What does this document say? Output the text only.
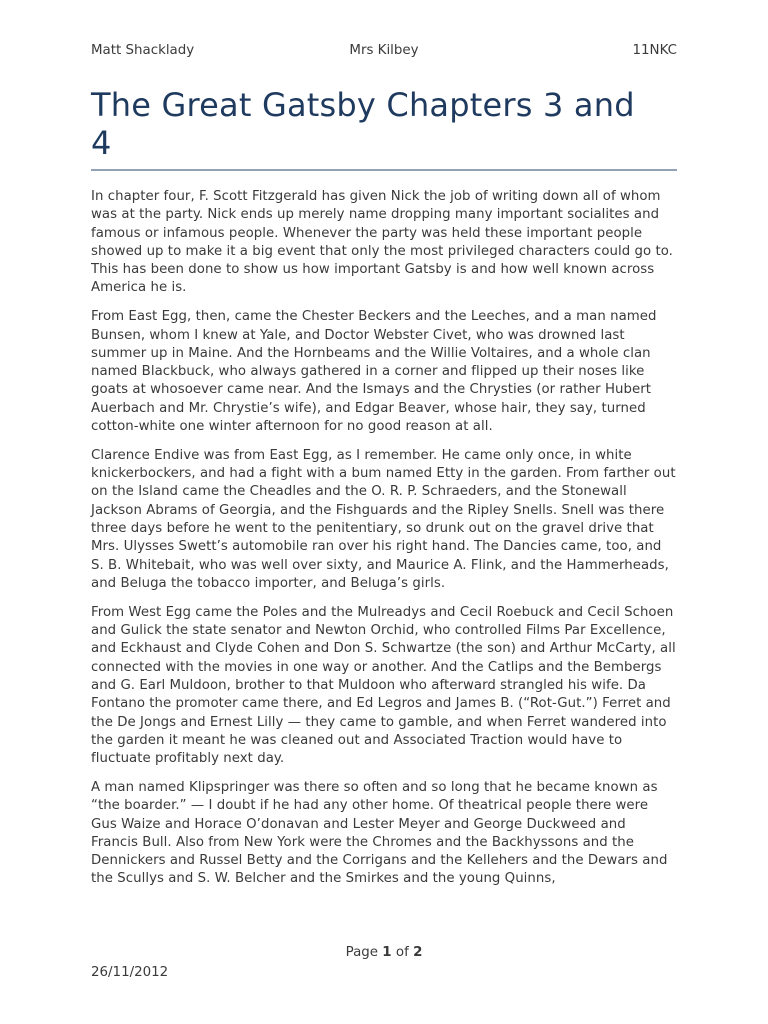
Matt Shacklady	Mrs Kilbey	11NKC
The Great Gatsby Chapters 3 and 4

In chapter four, F. Scott Fitzgerald has given Nick the job of writing down all of whom was at the party. Nick ends up merely name dropping many important socialites and famous or infamous people. Whenever the party was held these important people showed up to make it a big event that only the most privileged characters could go to. This has been done to show us how important Gatsby is and how well known across America he is.

From East Egg, then, came the Chester Beckers and the Leeches, and a man named Bunsen, whom I knew at Yale, and Doctor Webster Civet, who was drowned last summer up in Maine. And the Hornbeams and the Willie Voltaires, and a whole clan named Blackbuck, who always gathered in a corner and flipped up their noses like goats at whosoever came near. And the Ismays and the Chrysties (or rather Hubert Auerbach and Mr. Chrystie’s wife), and Edgar Beaver, whose hair, they say, turned cotton-white one winter afternoon for no good reason at all.

Clarence Endive was from East Egg, as I remember. He came only once, in white knickerbockers, and had a fight with a bum named Etty in the garden. From farther out on the Island came the Cheadles and the O. R. P. Schraeders, and the Stonewall Jackson Abrams of Georgia, and the Fishguards and the Ripley Snells. Snell was there three days before he went to the penitentiary, so drunk out on the gravel drive that Mrs. Ulysses Swett’s automobile ran over his right hand. The Dancies came, too, and S. B. Whitebait, who was well over sixty, and Maurice A. Flink, and the Hammerheads, and Beluga the tobacco importer, and Beluga’s girls.

From West Egg came the Poles and the Mulreadys and Cecil Roebuck and Cecil Schoen and Gulick the state senator and Newton Orchid, who controlled Films Par Excellence, and Eckhaust and Clyde Cohen and Don S. Schwartze (the son) and Arthur McCarty, all connected with the movies in one way or another. And the Catlips and the Bembergs and G. Earl Muldoon, brother to that Muldoon who afterward strangled his wife. Da Fontano the promoter came there, and Ed Legros and James B. (“Rot-Gut.”) Ferret and the De Jongs and Ernest Lilly — they came to gamble, and when Ferret wandered into the garden it meant he was cleaned out and Associated Traction would have to fluctuate profitably next day.

A man named Klipspringer was there so often and so long that he became known as “the boarder.” — I doubt if he had any other home. Of theatrical people there were Gus Waize and Horace O’donavan and Lester Meyer and George Duckweed and Francis Bull. Also from New York were the Chromes and the Backhyssons and the Dennickers and Russel Betty and the Corrigans and the Kellehers and the Dewars and the Scullys and S. W. Belcher and the Smirkes and the young Quinns,

Page 1 of 2
26/11/2012
